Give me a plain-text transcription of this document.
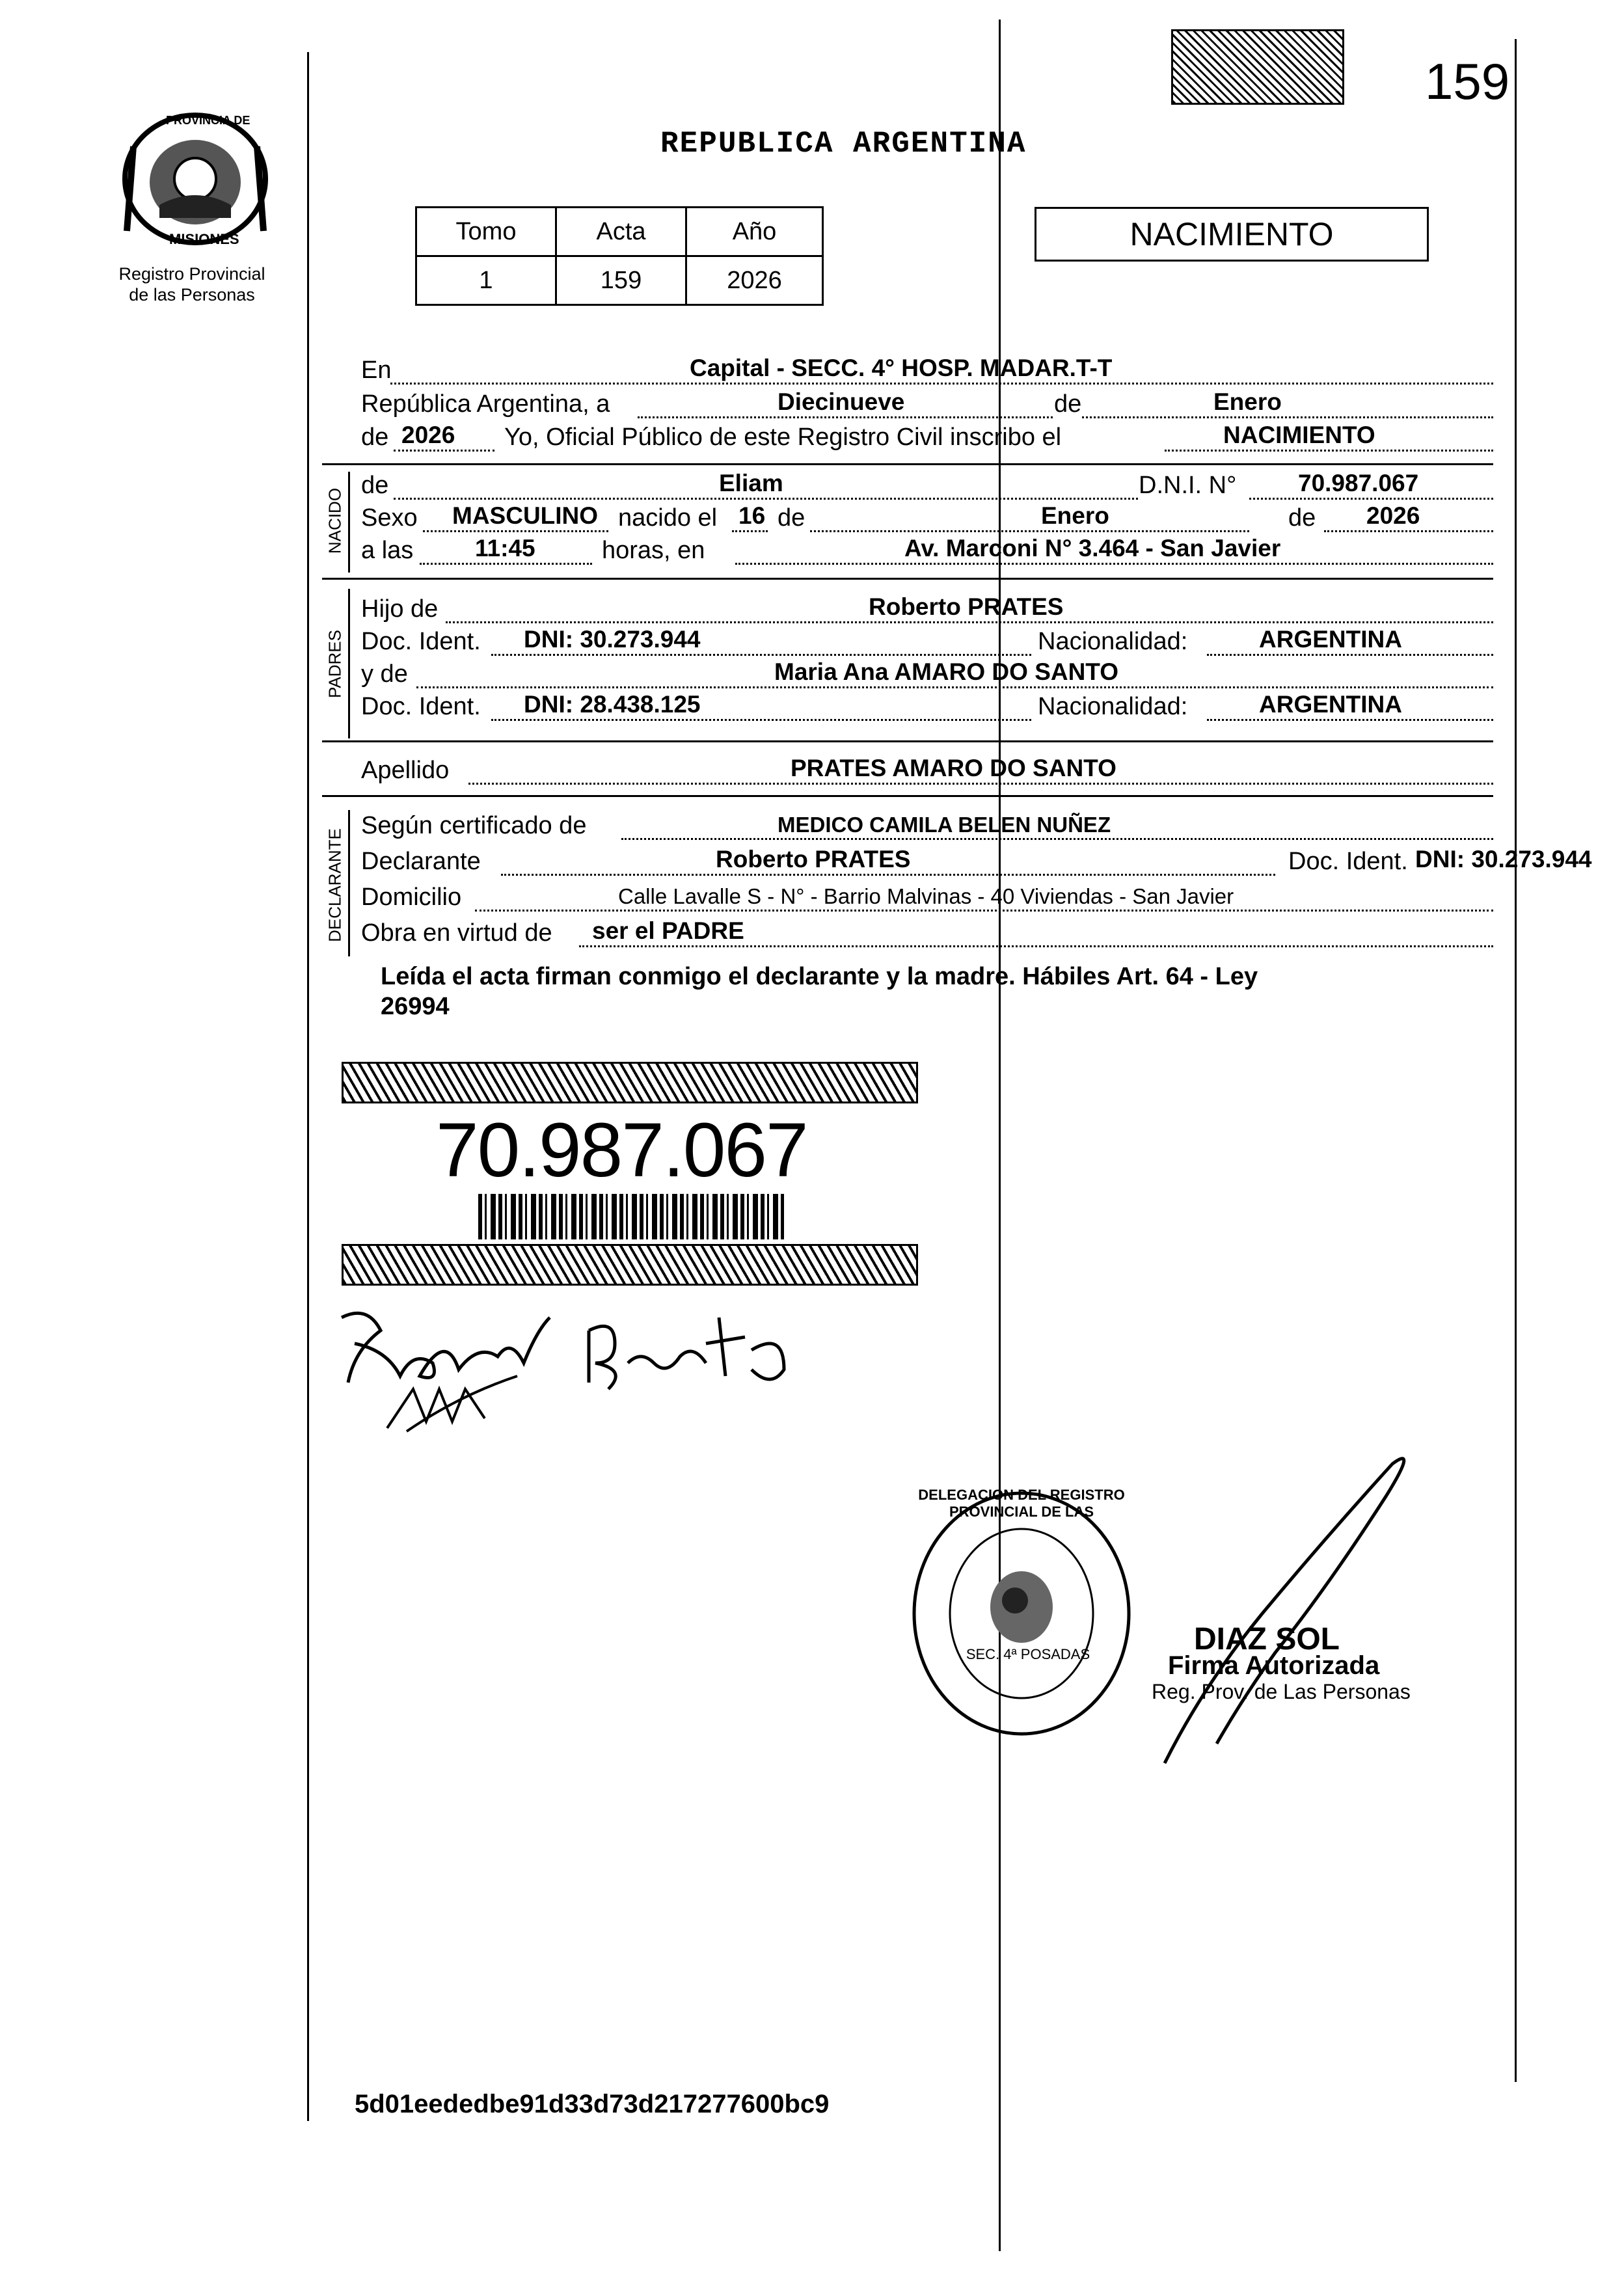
159
PROVINCIA DE
MISIONES
Registro Provincial
de las Personas
REPUBLICA ARGENTINA
NACIMIENTO
Tomo	Acta	Año
1	159	2026
En	Capital - SECC. 4° HOSP. MADAR.T-T
República Argentina, a	Diecinueve	de	Enero
de 2026 Yo, Oficial Público de este Registro Civil inscribo el	NACIMIENTO
NACIDO
de	Eliam	D.N.I. N°	70.987.067
Sexo MASCULINO nacido el 16 de	Enero	de 2026
a las	11:45	horas, en	Av. Marconi N° 3.464 - San Javier
PADRES
Hijo de	Roberto PRATES
Doc. Ident. DNI: 30.273.944	Nacionalidad:	ARGENTINA
y de	Maria Ana AMARO DO SANTO
Doc. Ident. DNI: 28.438.125	Nacionalidad:	ARGENTINA
Apellido	PRATES AMARO DO SANTO
DECLARANTE
Según certificado de	MEDICO CAMILA BELEN NUÑEZ
Declarante	Roberto PRATES	Doc. Ident. DNI: 30.273.944
Domicilio	Calle Lavalle S - N° - Barrio Malvinas - 40 Viviendas - San Javier
Obra en virtud de ser el PADRE
Leída el acta firman conmigo el declarante y la madre. Hábiles Art. 64 - Ley
26994
70.987.067
DELEGACION DEL REGISTRO PROVINCIAL DE LAS
SEC. 4ª POSADAS	DIAZ SOL
Firma Autorizada
Reg. Prov. de Las Personas
5d01eededbe91d33d73d217277600bc9
